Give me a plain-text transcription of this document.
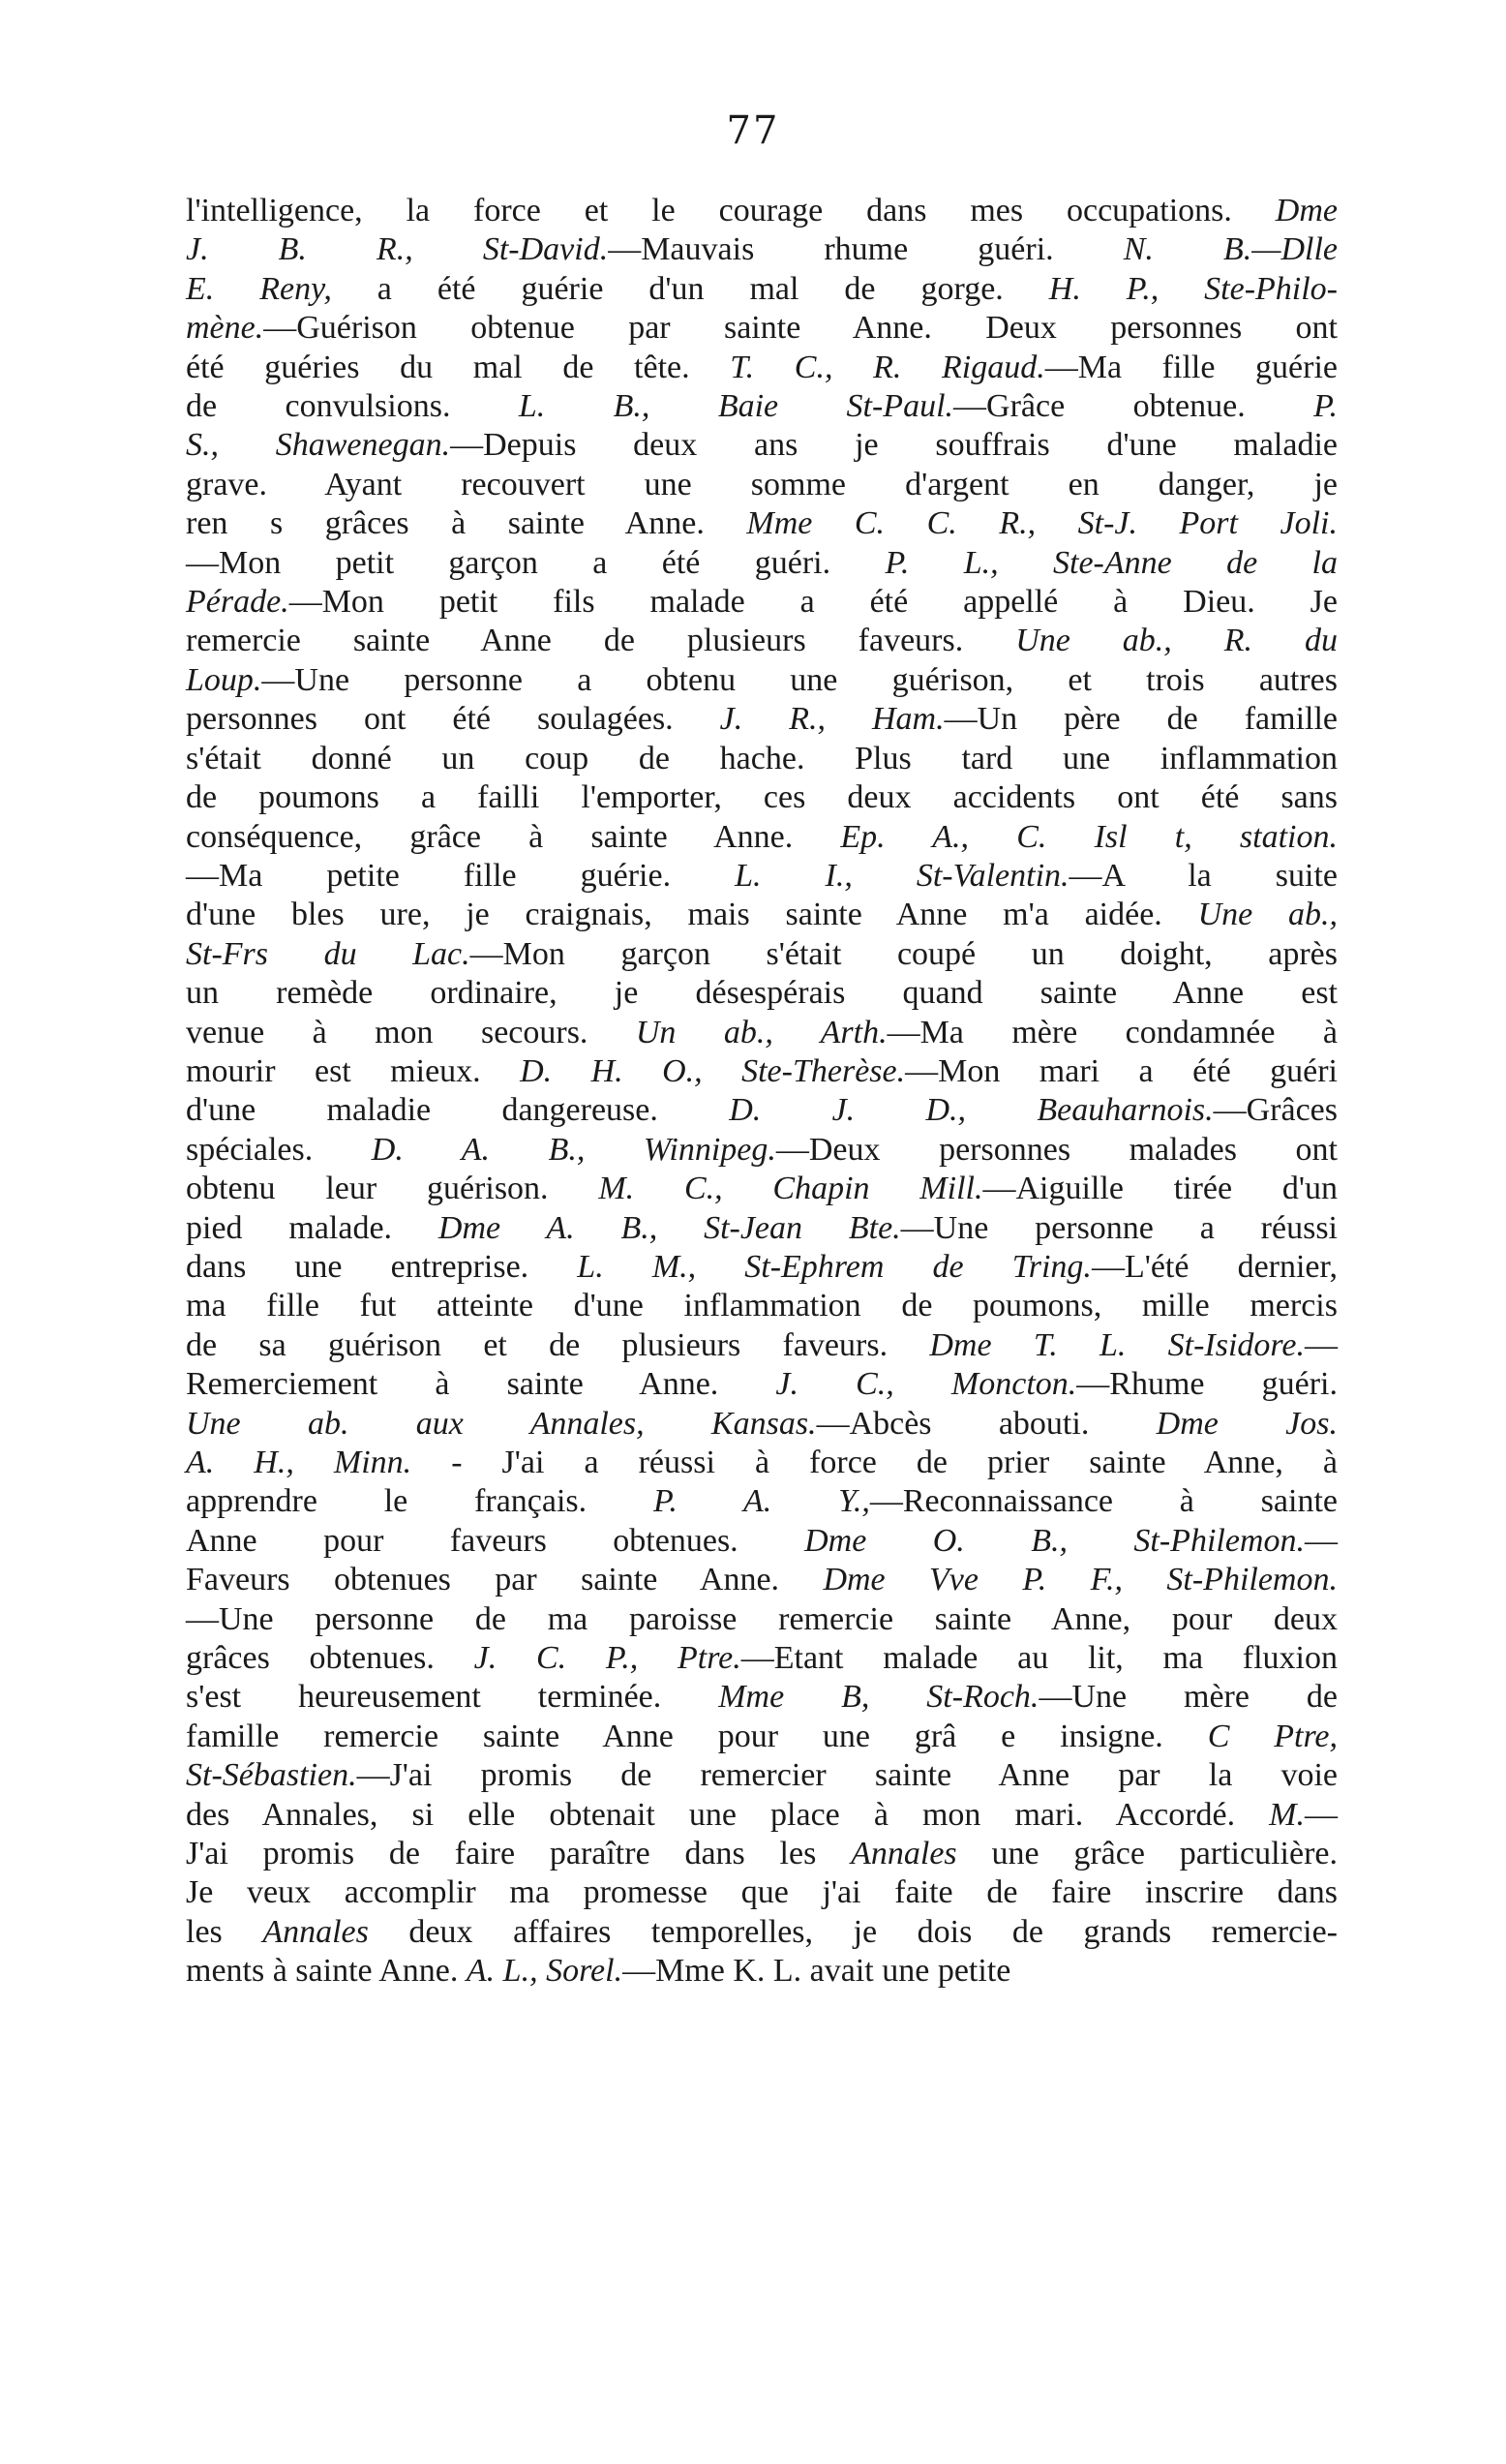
77
l'intelligence, la force et le courage dans mes occupations. Dme
J. B. R., St-David.—Mauvais rhume guéri. N. B.—Dlle
E. Reny, a été guérie d'un mal de gorge. H. P., Ste-Philo-
mène.—Guérison obtenue par sainte Anne. Deux personnes ont
été guéries du mal de tête. T. C., R. Rigaud.—Ma fille guérie
de convulsions. L. B., Baie St-Paul.—Grâce obtenue. P.
S., Shawenegan.—Depuis deux ans je souffrais d'une maladie
grave. Ayant recouvert une somme d'argent en danger, je
ren s grâces à sainte Anne. Mme C. C. R., St-J. Port Joli.
—Mon petit garçon a été guéri. P. L., Ste-Anne de la
Pérade.—Mon petit fils malade a été appellé à Dieu. Je
remercie sainte Anne de plusieurs faveurs. Une ab., R. du
Loup.—Une personne a obtenu une guérison, et trois autres
personnes ont été soulagées. J. R., Ham.—Un père de famille
s'était donné un coup de hache. Plus tard une inflammation
de poumons a failli l'emporter, ces deux accidents ont été sans
conséquence, grâce à sainte Anne. Ep. A., C. Isl t, station.
—Ma petite fille guérie. L. I., St-Valentin.—A la suite
d'une bles ure, je craignais, mais sainte Anne m'a aidée. Une ab.,
St-Frs du Lac.—Mon garçon s'était coupé un doight, après
un remède ordinaire, je désespérais quand sainte Anne est
venue à mon secours. Un ab., Arth.—Ma mère condamnée à
mourir est mieux. D. H. O., Ste-Therèse.—Mon mari a été guéri
d'une maladie dangereuse. D. J. D., Beauharnois.—Grâces
spéciales. D. A. B., Winnipeg.—Deux personnes malades ont
obtenu leur guérison. M. C., Chapin Mill.—Aiguille tirée d'un
pied malade. Dme A. B., St-Jean Bte.—Une personne a réussi
dans une entreprise. L. M., St-Ephrem de Tring.—L'été dernier,
ma fille fut atteinte d'une inflammation de poumons, mille mercis
de sa guérison et de plusieurs faveurs. Dme T. L. St-Isidore.—
Remerciement à sainte Anne. J. C., Moncton.—Rhume guéri.
Une ab. aux Annales, Kansas.—Abcès abouti. Dme Jos.
A. H., Minn. - J'ai a réussi à force de prier sainte Anne, à
apprendre le français. P. A. Y.,—Reconnaissance à sainte
Anne pour faveurs obtenues. Dme O. B., St-Philemon.—
Faveurs obtenues par sainte Anne. Dme Vve P. F., St-Philemon.
—Une personne de ma paroisse remercie sainte Anne, pour deux
grâces obtenues. J. C. P., Ptre.—Etant malade au lit, ma fluxion
s'est heureusement terminée. Mme B, St-Roch.—Une mère de
famille remercie sainte Anne pour une grâ e insigne. C Ptre,
St-Sébastien.—J'ai promis de remercier sainte Anne par la voie
des Annales, si elle obtenait une place à mon mari. Accordé. M.—
J'ai promis de faire paraître dans les Annales une grâce particulière.
Je veux accomplir ma promesse que j'ai faite de faire inscrire dans
les Annales deux affaires temporelles, je dois de grands remercie-
ments à sainte Anne. A. L., Sorel.—Mme K. L. avait une petite
